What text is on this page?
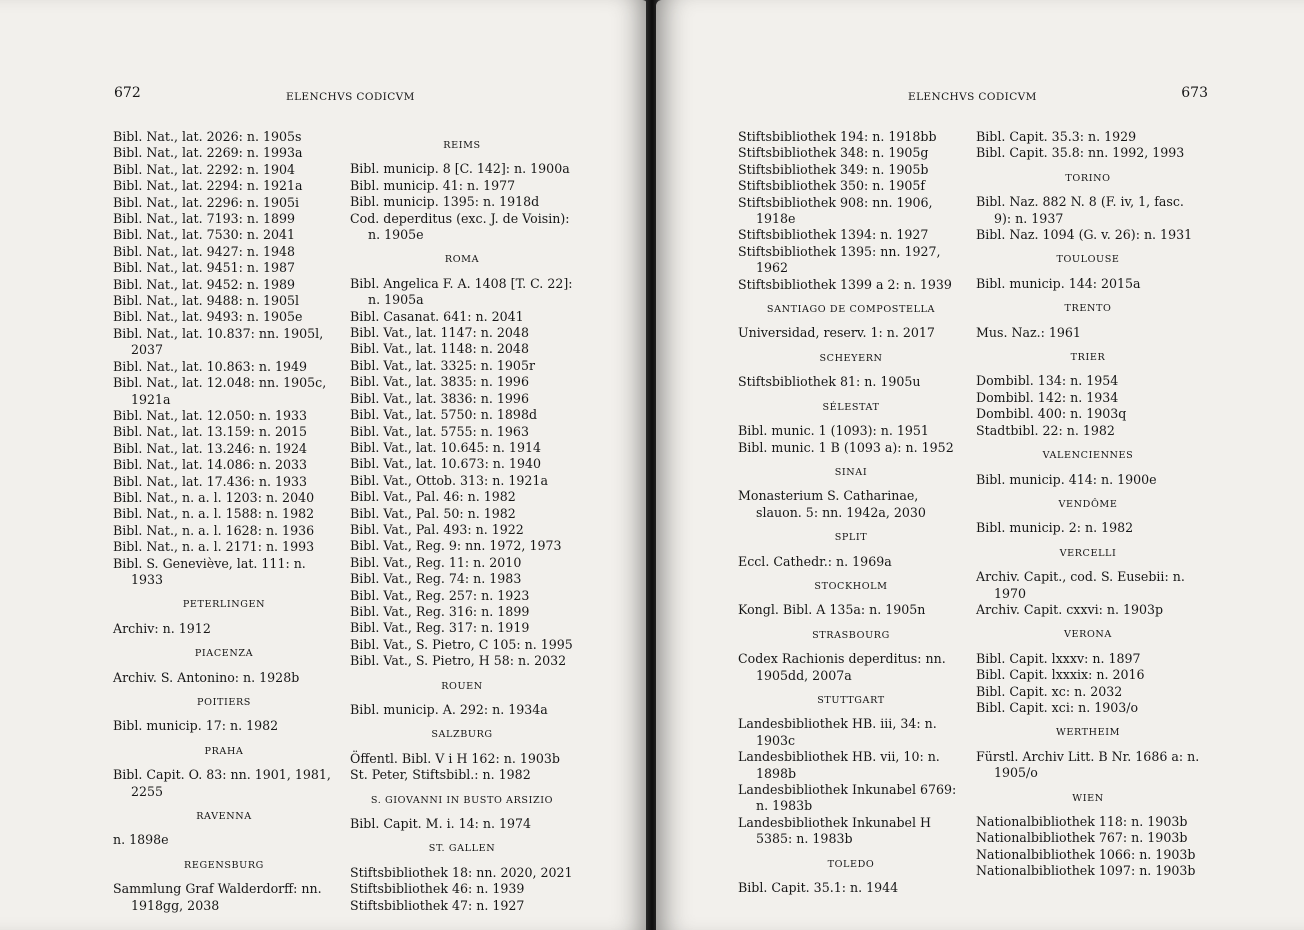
672	ELENCHVS CODICVM
Bibl. Nat., lat. 2026: n. 1905s
Bibl. Nat., lat. 2269: n. 1993a
Bibl. Nat., lat. 2292: n. 1904
Bibl. Nat., lat. 2294: n. 1921a
Bibl. Nat., lat. 2296: n. 1905i
Bibl. Nat., lat. 7193: n. 1899
Bibl. Nat., lat. 7530: n. 2041
Bibl. Nat., lat. 9427: n. 1948
Bibl. Nat., lat. 9451: n. 1987
Bibl. Nat., lat. 9452: n. 1989
Bibl. Nat., lat. 9488: n. 1905l
Bibl. Nat., lat. 9493: n. 1905e
Bibl. Nat., lat. 10.837: nn. 1905l, 2037
Bibl. Nat., lat. 10.863: n. 1949
Bibl. Nat., lat. 12.048: nn. 1905c, 1921a
Bibl. Nat., lat. 12.050: n. 1933
Bibl. Nat., lat. 13.159: n. 2015
Bibl. Nat., lat. 13.246: n. 1924
Bibl. Nat., lat. 14.086: n. 2033
Bibl. Nat., lat. 17.436: n. 1933
Bibl. Nat., n. a. l. 1203: n. 2040
Bibl. Nat., n. a. l. 1588: n. 1982
Bibl. Nat., n. a. l. 1628: n. 1936
Bibl. Nat., n. a. l. 2171: n. 1993
Bibl. S. Geneviève, lat. 111: n. 1933
PETERLINGEN
Archiv: n. 1912
PIACENZA
Archiv. S. Antonino: n. 1928b
POITIERS
Bibl. municip. 17: n. 1982
PRAHA
Bibl. Capit. O. 83: nn. 1901, 1981, 2255
RAVENNA
n. 1898e
REGENSBURG
Sammlung Graf Walderdorff: nn. 1918gg, 2038
REIMS
Bibl. municip. 8 [C. 142]: n. 1900a
Bibl. municip. 41: n. 1977
Bibl. municip. 1395: n. 1918d
Cod. deperditus (exc. J. de Voisin): n. 1905e
ROMA
Bibl. Angelica F. A. 1408 [T. C. 22]: n. 1905a
Bibl. Casanat. 641: n. 2041
Bibl. Vat., lat. 1147: n. 2048
Bibl. Vat., lat. 1148: n. 2048
Bibl. Vat., lat. 3325: n. 1905r
Bibl. Vat., lat. 3835: n. 1996
Bibl. Vat., lat. 3836: n. 1996
Bibl. Vat., lat. 5750: n. 1898d
Bibl. Vat., lat. 5755: n. 1963
Bibl. Vat., lat. 10.645: n. 1914
Bibl. Vat., lat. 10.673: n. 1940
Bibl. Vat., Ottob. 313: n. 1921a
Bibl. Vat., Pal. 46: n. 1982
Bibl. Vat., Pal. 50: n. 1982
Bibl. Vat., Pal. 493: n. 1922
Bibl. Vat., Reg. 9: nn. 1972, 1973
Bibl. Vat., Reg. 11: n. 2010
Bibl. Vat., Reg. 74: n. 1983
Bibl. Vat., Reg. 257: n. 1923
Bibl. Vat., Reg. 316: n. 1899
Bibl. Vat., Reg. 317: n. 1919
Bibl. Vat., S. Pietro, C 105: n. 1995
Bibl. Vat., S. Pietro, H 58: n. 2032
ROUEN
Bibl. municip. A. 292: n. 1934a
SALZBURG
Öffentl. Bibl. V i H 162: n. 1903b
St. Peter, Stiftsbibl.: n. 1982
S. GIOVANNI IN BUSTO ARSIZIO
Bibl. Capit. M. i. 14: n. 1974
ST. GALLEN
Stiftsbibliothek 18: nn. 2020, 2021
Stiftsbibliothek 46: n. 1939
Stiftsbibliothek 47: n. 1927
ELENCHVS CODICVM	673
Stiftsbibliothek 194: n. 1918bb
Stiftsbibliothek 348: n. 1905g
Stiftsbibliothek 349: n. 1905b
Stiftsbibliothek 350: n. 1905f
Stiftsbibliothek 908: nn. 1906, 1918e
Stiftsbibliothek 1394: n. 1927
Stiftsbibliothek 1395: nn. 1927, 1962
Stiftsbibliothek 1399 a 2: n. 1939
SANTIAGO DE COMPOSTELLA
Universidad, reserv. 1: n. 2017
SCHEYERN
Stiftsbibliothek 81: n. 1905u
SÉLESTAT
Bibl. munic. 1 (1093): n. 1951
Bibl. munic. 1 B (1093 a): n. 1952
SINAI
Monasterium S. Catharinae, slauon. 5: nn. 1942a, 2030
SPLIT
Eccl. Cathedr.: n. 1969a
STOCKHOLM
Kongl. Bibl. A 135a: n. 1905n
STRASBOURG
Codex Rachionis deperditus: nn. 1905dd, 2007a
STUTTGART
Landesbibliothek HB. iii, 34: n. 1903c
Landesbibliothek HB. vii, 10: n. 1898b
Landesbibliothek Inkunabel 6769: n. 1983b
Landesbibliothek Inkunabel H 5385: n. 1983b
TOLEDO
Bibl. Capit. 35.1: n. 1944
Bibl. Capit. 35.3: n. 1929
Bibl. Capit. 35.8: nn. 1992, 1993
TORINO
Bibl. Naz. 882 N. 8 (F. iv, 1, fasc. 9): n. 1937
Bibl. Naz. 1094 (G. v. 26): n. 1931
TOULOUSE
Bibl. municip. 144: 2015a
TRENTO
Mus. Naz.: 1961
TRIER
Dombibl. 134: n. 1954
Dombibl. 142: n. 1934
Dombibl. 400: n. 1903q
Stadtbibl. 22: n. 1982
VALENCIENNES
Bibl. municip. 414: n. 1900e
VENDÔME
Bibl. municip. 2: n. 1982
VERCELLI
Archiv. Capit., cod. S. Eusebii: n. 1970
Archiv. Capit. cxxvi: n. 1903p
VERONA
Bibl. Capit. lxxxv: n. 1897
Bibl. Capit. lxxxix: n. 2016
Bibl. Capit. xc: n. 2032
Bibl. Capit. xci: n. 1903/o
WERTHEIM
Fürstl. Archiv Litt. B Nr. 1686 a: n. 1905/o
WIEN
Nationalbibliothek 118: n. 1903b
Nationalbibliothek 767: n. 1903b
Nationalbibliothek 1066: n. 1903b
Nationalbibliothek 1097: n. 1903b
